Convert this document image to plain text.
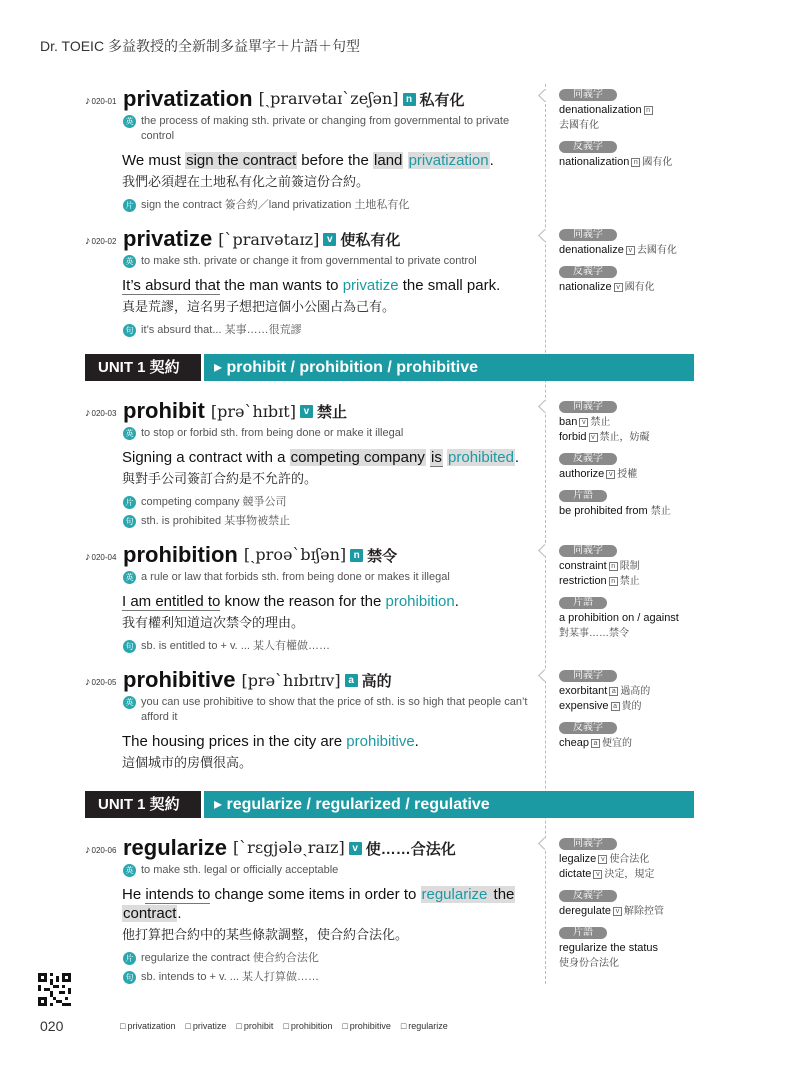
Dr. TOEIC 多益教授的全新制多益單字＋片語＋句型
♪020-01 privatization [ˏpraɪvətaɪˋzeʃən] n 私有化
英 the process of making sth. private or changing from governmental to private control
We must sign the contract before the land privatization.
我們必須趕在土地私有化之前簽這份合約。
片 sign the contract 簽合約／land privatization 土地私有化
♪020-02 privatize [ˋpraɪvətaɪz] v 使私有化
英 to make sth. private or change it from governmental to private control
It’s absurd that the man wants to privatize the small park.
真是荒謬，這名男子想把這個小公園占為己有。
句 it’s absurd that... 某事……很荒謬
UNIT 1 契約	▸ prohibit / prohibition / prohibitive
♪020-03 prohibit [prəˋhɪbɪt] v 禁止
英 to stop or forbid sth. from being done or make it illegal
Signing a contract with a competing company is prohibited.
與對手公司簽訂合約是不允許的。
片 competing company 競爭公司
句 sth. is prohibited 某事物被禁止
♪020-04 prohibition [ˏproəˋbɪʃən] n 禁令
英 a rule or law that forbids sth. from being done or makes it illegal
I am entitled to know the reason for the prohibition.
我有權利知道這次禁令的理由。
句 sb. is entitled to + v. ... 某人有權做……
♪020-05 prohibitive [prəˋhɪbɪtɪv] a 高的
英 you can use prohibitive to show that the price of sth. is so high that people can’t afford it
The housing prices in the city are prohibitive.
這個城市的房價很高。
UNIT 1 契約	▸ regularize / regularized / regulative
♪020-06 regularize [ˋrɛgjələˏraɪz] v 使……合法化
英 to make sth. legal or officially acceptable
He intends to change some items in order to regularize the contract.
他打算把合約中的某些條款調整，使合約合法化。
片 regularize the contract 使合約合法化
句 sb. intends to + v. ... 某人打算做……
同義字
denationalization n
去國有化
反義字
nationalization n 國有化
同義字
denationalize v 去國有化
反義字
nationalize v 國有化
同義字
ban v 禁止
forbid v 禁止，妨礙
反義字
authorize v 授權
片語
be prohibited from 禁止
同義字
constraint n 限制
restriction n 禁止
片語
a prohibition on / against
對某事……禁令
同義字
exorbitant a 過高的
expensive a 貴的
反義字
cheap a 便宜的
同義字
legalize v 使合法化
dictate v 決定，規定
反義字
deregulate v 解除控管
片語
regularize the status
使身份合法化
020	□ privatization	□ privatize	□ prohibit	□ prohibition	□ prohibitive	□ regularize
